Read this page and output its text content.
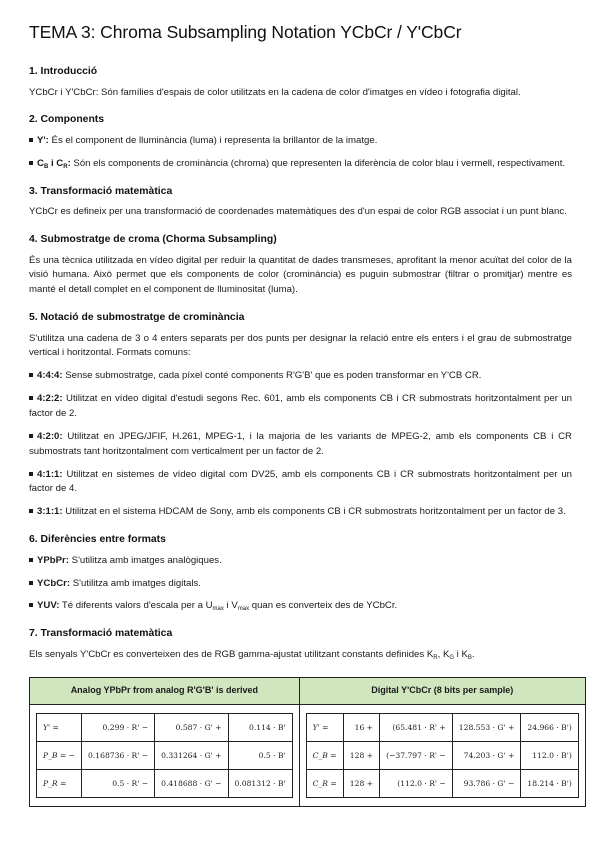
TEMA 3: Chroma Subsampling Notation YCbCr / Y'CbCr
1. Introducció

YCbCr i Y'CbCr: Són famílies d'espais de color utilitzats en la cadena de color d'imatges en vídeo i fotografia digital.

2. Components
Y': És el component de lluminància (luma) i representa la brillantor de la imatge.
$C_B$ i $C_R$: Són els components de crominància (chroma) que representen la diferència de color blau i vermell, respectivament.
3. Transformació matemàtica

YCbCr es defineix per una transformació de coordenades matemàtiques des d'un espai de color RGB associat i un punt blanc.

4. Submostratge de croma (Chorma Subsampling)

És una tècnica utilitzada en vídeo digital per reduir la quantitat de dades transmeses, aprofitant la menor acuïtat del color de la visió humana. Això permet que els components de color (crominància) es puguin submostrar (filtrar o promitjar) mentre es manté el detall complet en el component de lluminositat (luma).

5. Notació de submostratge de crominància

S'utilitza una cadena de 3 o 4 enters separats per dos punts per designar la relació entre els enters i el grau de submostratge vertical i horitzontal. Formats comuns:

4:4:4: Sense submostratge, cada píxel conté components R'G'B' que es poden transformar en Y'CB CR.
4:2:2: Utilitzat en vídeo digital d'estudi segons Rec. 601, amb els components CB i CR submostrats horitzontalment per un factor de 2.
4:2:0: Utilitzat en JPEG/JFIF, H.261, MPEG-1, i la majoria de les variants de MPEG-2, amb els components CB i CR submostrats tant horitzontalment com verticalment per un factor de 2.
4:1:1: Utilitzat en sistemes de vídeo digital com DV25, amb els components CB i CR submostrats horitzontalment per un factor de 4.
3:1:1: Utilitzat en el sistema HDCAM de Sony, amb els components CB i CR submostrats horitzontalment per un factor de 3.
6. Diferències entre formats
YPbPr: S'utilitza amb imatges analògiques.
YCbCr: S'utilitza amb imatges digitals.
YUV: Té diferents valors d'escala per a $U_{max}$ i $V_{max}$ quan es converteix des de YCbCr.
7. Transformació matemàtica

Els senyals Y'CbCr es converteixen des de RGB gamma-ajustat utilitzant constants definides $K_R$, $K_G$ i $K_B$.

Analog YPbPr from analog R'G'B' is derived	Digital Y'CbCr (8 bits per sample)

Y' =	0.299 · R' −	0.587 · G' +	0.114 · B'
P_B = −	0.168736 · R' −	0.331264 · G' +	0.5 · B'
P_R =	0.5 · R' −	0.418688 · G' −	0.081312 · B'

Y' =	16 +	(65.481 · R' +	128.553 · G' +	24.966 · B')
C_B =	128 +	(−37.797 · R' −	74.203 · G' +	112.0 · B')
C_R =	128 +	(112.0 · R' −	93.786 · G' −	18.214 · B')
